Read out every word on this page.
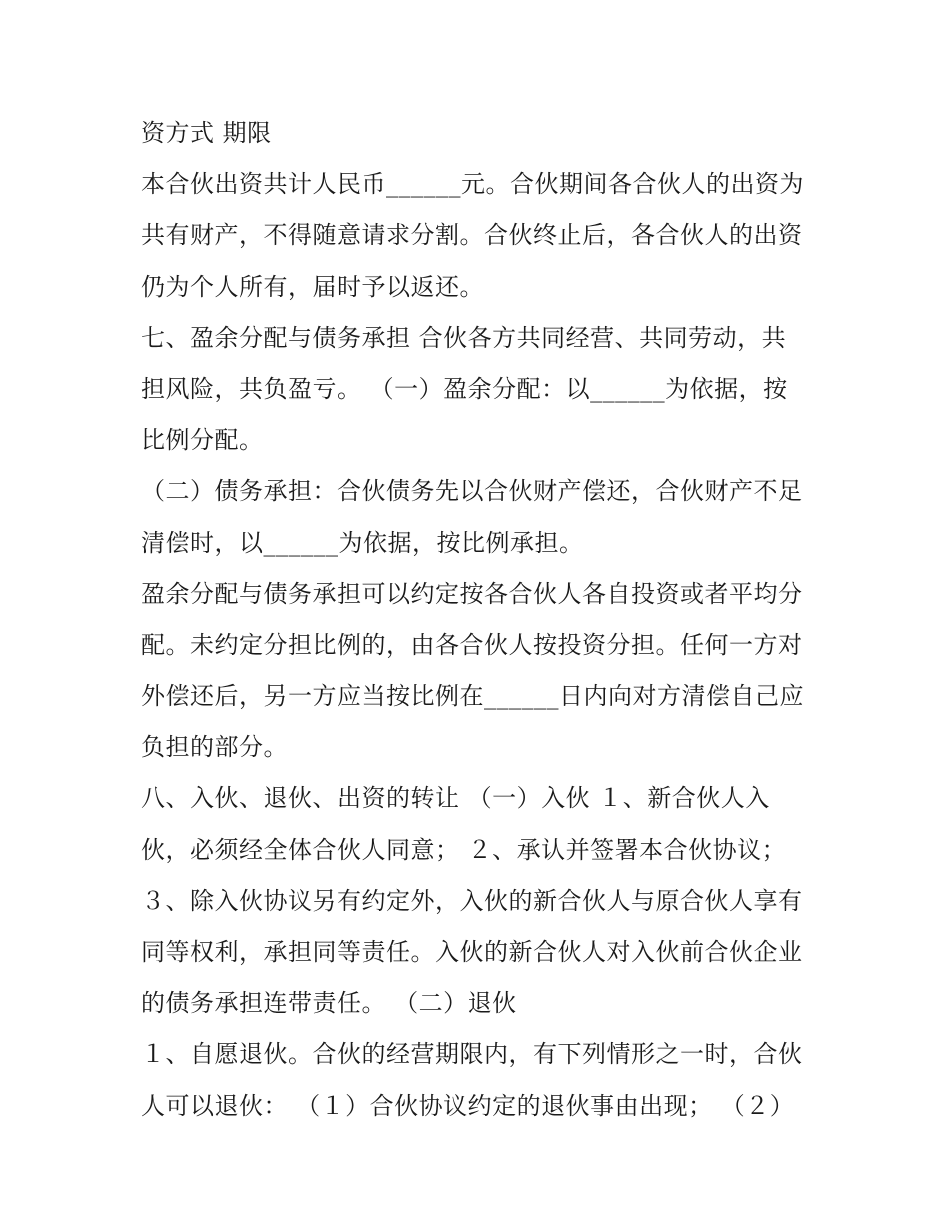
资方式 期限
本合伙出资共计人民币______元。合伙期间各合伙人的出资为
共有财产，不得随意请求分割。合伙终止后，各合伙人的出资
仍为个人所有，届时予以返还。
七、盈余分配与债务承担 合伙各方共同经营、共同劳动，共
担风险，共负盈亏。 （一）盈余分配：以______为依据，按
比例分配。
（二）债务承担：合伙债务先以合伙财产偿还，合伙财产不足
清偿时，以______为依据，按比例承担。
盈余分配与债务承担可以约定按各合伙人各自投资或者平均分
配。未约定分担比例的，由各合伙人按投资分担。任何一方对
外偿还后，另一方应当按比例在______日内向对方清偿自己应
负担的部分。
八、入伙、退伙、出资的转让 （一）入伙 １、新合伙人入
伙，必须经全体合伙人同意； ２、承认并签署本合伙协议；
３、除入伙协议另有约定外，入伙的新合伙人与原合伙人享有
同等权利，承担同等责任。入伙的新合伙人对入伙前合伙企业
的债务承担连带责任。 （二）退伙
１、自愿退伙。合伙的经营期限内，有下列情形之一时，合伙
人可以退伙： （１）合伙协议约定的退伙事由出现； （２）
